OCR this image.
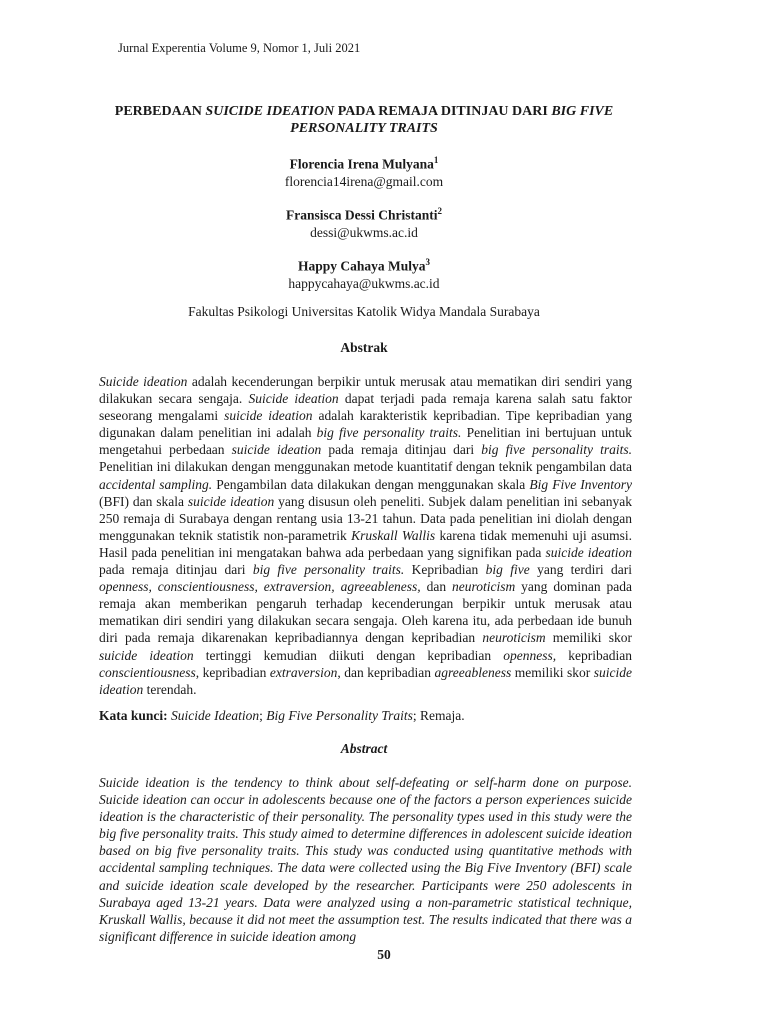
Jurnal Experentia Volume 9, Nomor 1, Juli 2021
PERBEDAAN SUICIDE IDEATION PADA REMAJA DITINJAU DARI BIG FIVE PERSONALITY TRAITS
Florencia Irena Mulyana$^1$
florencia14irena@gmail.com
Fransisca Dessi Christanti$^2$
dessi@ukwms.ac.id
Happy Cahaya Mulya$^3$
happycahaya@ukwms.ac.id
Fakultas Psikologi Universitas Katolik Widya Mandala Surabaya
Abstrak
Suicide ideation adalah kecenderungan berpikir untuk merusak atau mematikan diri sendiri yang dilakukan secara sengaja. Suicide ideation dapat terjadi pada remaja karena salah satu faktor seseorang mengalami suicide ideation adalah karakteristik kepribadian. Tipe kepribadian yang digunakan dalam penelitian ini adalah big five personality traits. Penelitian ini bertujuan untuk mengetahui perbedaan suicide ideation pada remaja ditinjau dari big five personality traits. Penelitian ini dilakukan dengan menggunakan metode kuantitatif dengan teknik pengambilan data accidental sampling. Pengambilan data dilakukan dengan menggunakan skala Big Five Inventory (BFI) dan skala suicide ideation yang disusun oleh peneliti. Subjek dalam penelitian ini sebanyak 250 remaja di Surabaya dengan rentang usia 13-21 tahun. Data pada penelitian ini diolah dengan menggunakan teknik statistik non-parametrik Kruskall Wallis karena tidak memenuhi uji asumsi. Hasil pada penelitian ini mengatakan bahwa ada perbedaan yang signifikan pada suicide ideation pada remaja ditinjau dari big five personality traits. Kepribadian big five yang terdiri dari openness, conscientiousness, extraversion, agreeableness, dan neuroticism yang dominan pada remaja akan memberikan pengaruh terhadap kecenderungan berpikir untuk merusak atau mematikan diri sendiri yang dilakukan secara sengaja. Oleh karena itu, ada perbedaan ide bunuh diri pada remaja dikarenakan kepribadiannya dengan kepribadian neuroticism memiliki skor suicide ideation tertinggi kemudian diikuti dengan kepribadian openness, kepribadian conscientiousness, kepribadian extraversion, dan kepribadian agreeableness memiliki skor suicide ideation terendah.
Kata kunci: Suicide Ideation; Big Five Personality Traits; Remaja.
Abstract
Suicide ideation is the tendency to think about self-defeating or self-harm done on purpose. Suicide ideation can occur in adolescents because one of the factors a person experiences suicide ideation is the characteristic of their personality. The personality types used in this study were the big five personality traits. This study aimed to determine differences in adolescent suicide ideation based on big five personality traits. This study was conducted using quantitative methods with accidental sampling techniques. The data were collected using the Big Five Inventory (BFI) scale and suicide ideation scale developed by the researcher. Participants were 250 adolescents in Surabaya aged 13-21 years. Data were analyzed using a non-parametric statistical technique, Kruskall Wallis, because it did not meet the assumption test. The results indicated that there was a significant difference in suicide ideation among
50
